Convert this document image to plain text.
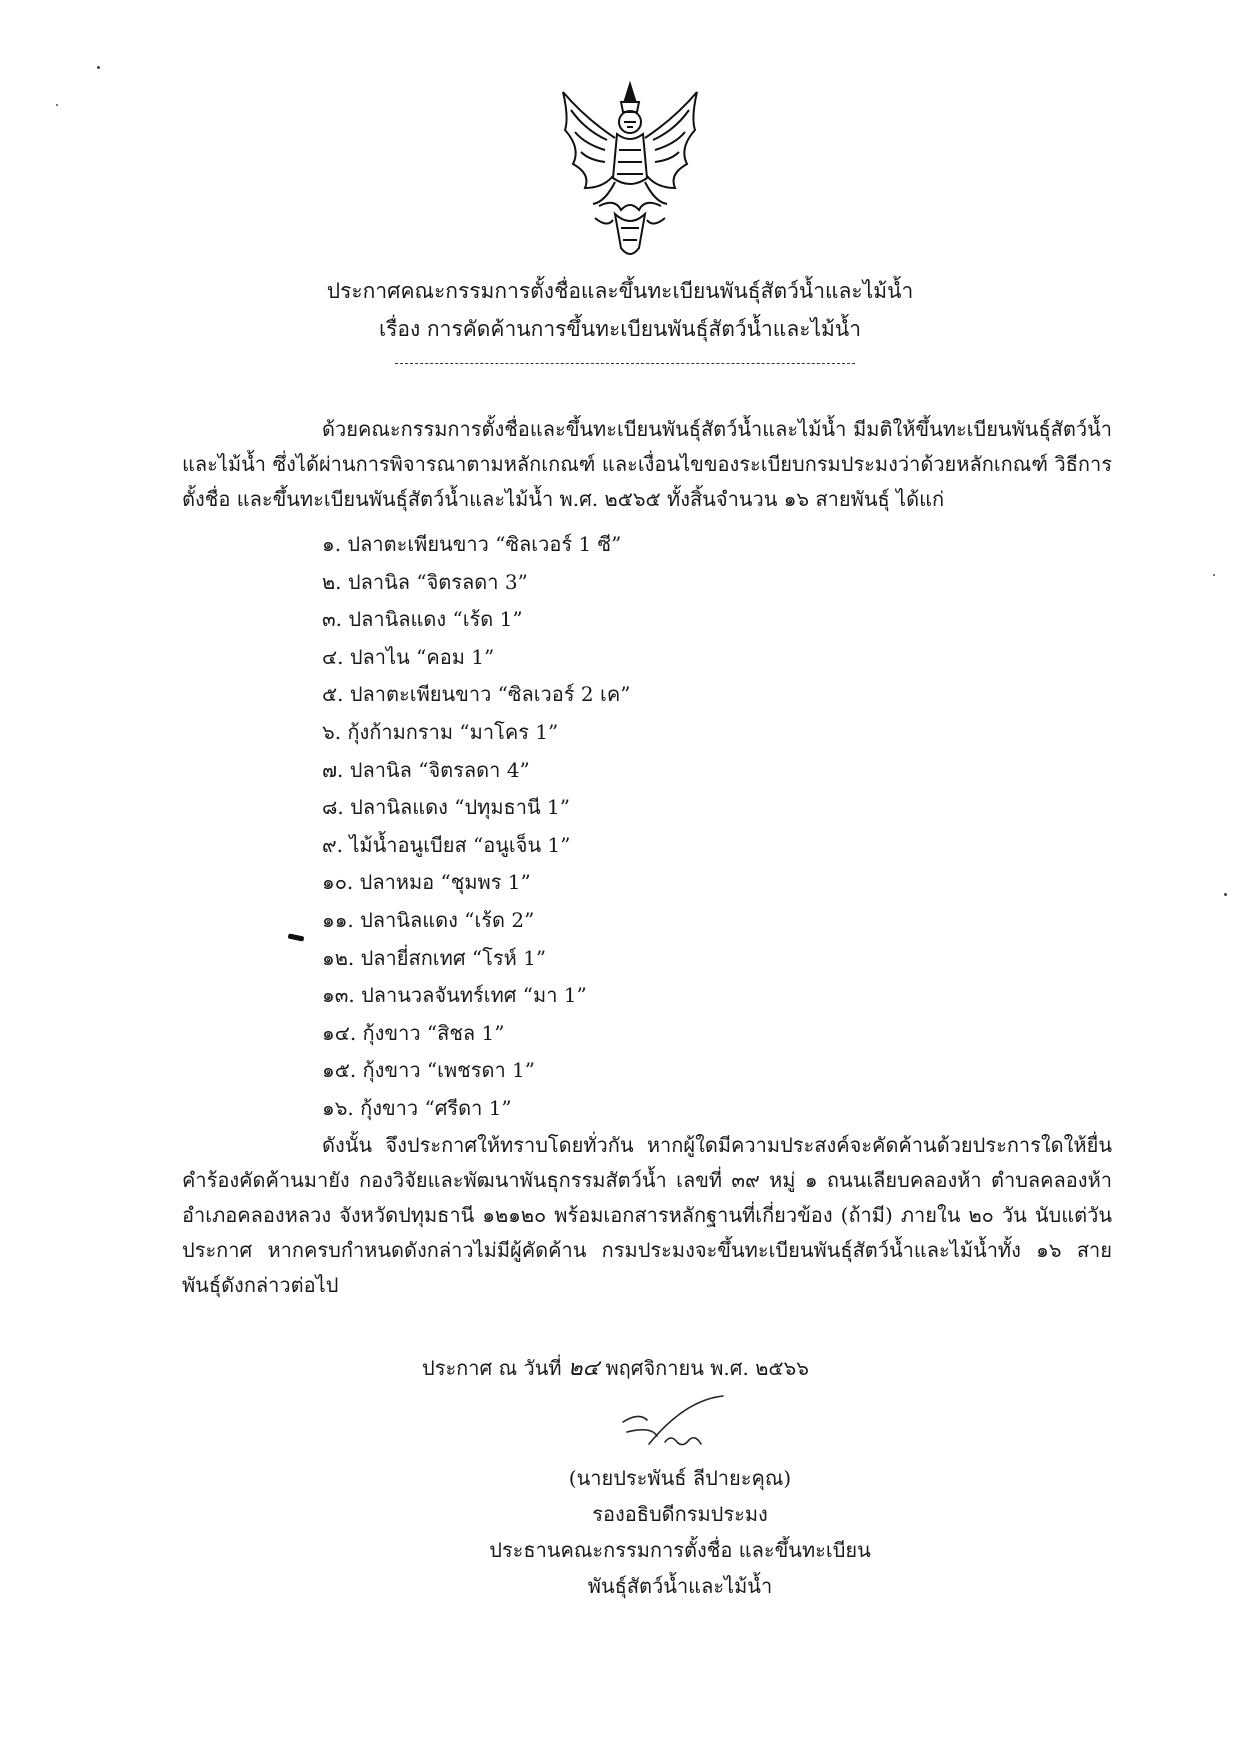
ประกาศคณะกรรมการตั้งชื่อและขึ้นทะเบียนพันธุ์สัตว์น้ำและไม้น้ำ
เรื่อง การคัดค้านการขึ้นทะเบียนพันธุ์สัตว์น้ำและไม้น้ำ
ด้วยคณะกรรมการตั้งชื่อและขึ้นทะเบียนพันธุ์สัตว์น้ำและไม้น้ำ มีมติให้ขึ้นทะเบียนพันธุ์สัตว์น้ำและไม้น้ำ ซึ่งได้ผ่านการพิจารณาตามหลักเกณฑ์ และเงื่อนไขของระเบียบกรมประมงว่าด้วยหลักเกณฑ์ วิธีการตั้งชื่อ และขึ้นทะเบียนพันธุ์สัตว์น้ำและไม้น้ำ พ.ศ. ๒๕๖๕ ทั้งสิ้นจำนวน ๑๖ สายพันธุ์ ได้แก่
๑. ปลาตะเพียนขาว “ซิลเวอร์ 1 ซี”
๒. ปลานิล “จิตรลดา 3”
๓. ปลานิลแดง “เร้ด 1”
๔. ปลาไน “คอม 1”
๕. ปลาตะเพียนขาว “ซิลเวอร์ 2 เค”
๖. กุ้งก้ามกราม “มาโคร 1”
๗. ปลานิล “จิตรลดา 4”
๘. ปลานิลแดง “ปทุมธานี 1”
๙. ไม้น้ำอนูเบียส “อนูเจ็น 1”
๑๐. ปลาหมอ “ชุมพร 1”
๑๑. ปลานิลแดง “เร้ด 2”
๑๒. ปลายี่สกเทศ “โรห์ 1”
๑๓. ปลานวลจันทร์เทศ “มา 1”
๑๔. กุ้งขาว “สิชล 1”
๑๕. กุ้งขาว “เพชรดา 1”
๑๖. กุ้งขาว “ศรีดา 1”
ดังนั้น จึงประกาศให้ทราบโดยทั่วกัน หากผู้ใดมีความประสงค์จะคัดค้านด้วยประการใดให้ยื่นคำร้องคัดค้านมายัง กองวิจัยและพัฒนาพันธุกรรมสัตว์น้ำ เลขที่ ๓๙ หมู่ ๑ ถนนเลียบคลองห้า ตำบลคลองห้า อำเภอคลองหลวง จังหวัดปทุมธานี ๑๒๑๒๐ พร้อมเอกสารหลักฐานที่เกี่ยวข้อง (ถ้ามี) ภายใน ๒๐ วัน นับแต่วันประกาศ หากครบกำหนดดังกล่าวไม่มีผู้คัดค้าน กรมประมงจะขึ้นทะเบียนพันธุ์สัตว์น้ำและไม้น้ำทั้ง ๑๖ สายพันธุ์ดังกล่าวต่อไป
ประกาศ ณ วันที่ ๒๔ พฤศจิกายน พ.ศ. ๒๕๖๖
(นายประพันธ์ ลีปายะคุณ)
รองอธิบดีกรมประมง
ประธานคณะกรรมการตั้งชื่อ และขึ้นทะเบียน
พันธุ์สัตว์น้ำและไม้น้ำ
